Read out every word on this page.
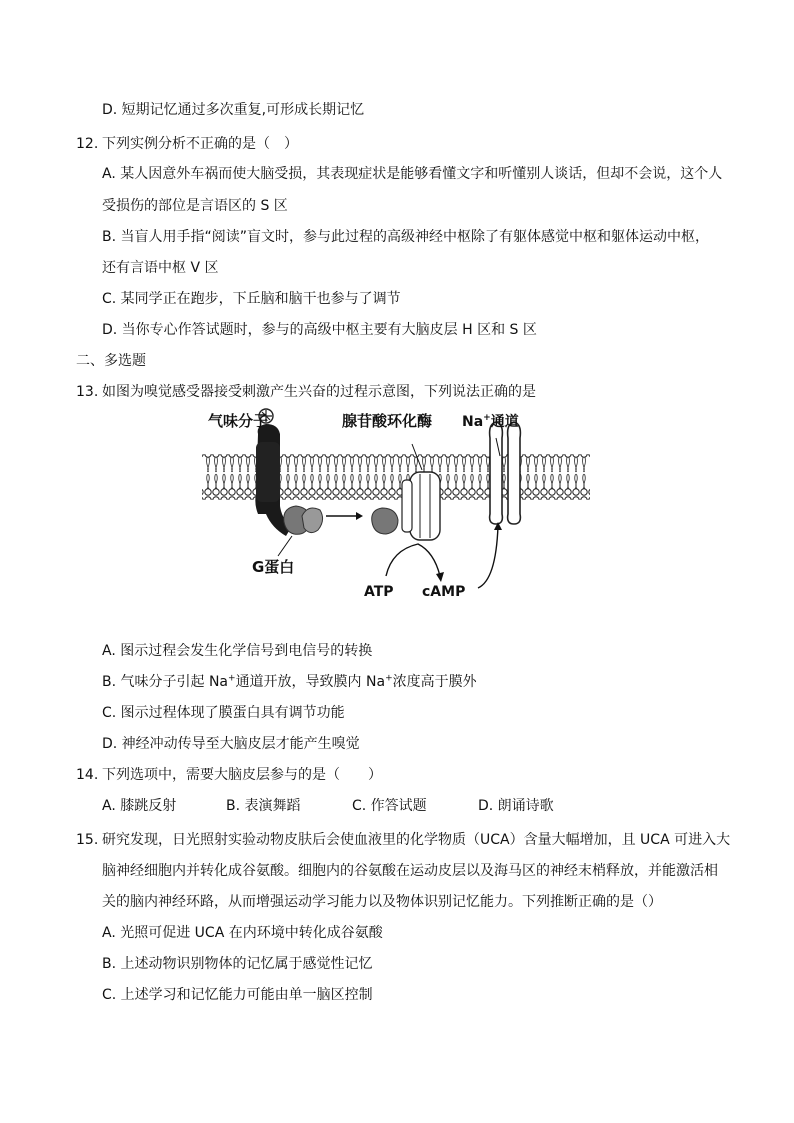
D. 短期记忆通过多次重复,可形成长期记忆
12. 下列实例分析不正确的是（　）
A. 某人因意外车祸而使大脑受损，其表现症状是能够看懂文字和听懂别人谈话，但却不会说，这个人
受损伤的部位是言语区的 S 区
B. 当盲人用手指“阅读”盲文时，参与此过程的高级神经中枢除了有躯体感觉中枢和躯体运动中枢，
还有言语中枢 V 区
C. 某同学正在跑步，下丘脑和脑干也参与了调节
D. 当你专心作答试题时，参与的高级中枢主要有大脑皮层 H 区和 S 区
二、多选题
13. 如图为嗅觉感受器接受刺激产生兴奋的过程示意图，下列说法正确的是
气味分子	腺苷酸环化酶 Na+通道
G蛋白
ATP cAMP
A. 图示过程会发生化学信号到电信号的转换
B. 气味分子引起 Na+通道开放，导致膜内 Na+浓度高于膜外
C. 图示过程体现了膜蛋白具有调节功能
D. 神经冲动传导至大脑皮层才能产生嗅觉
14. 下列选项中，需要大脑皮层参与的是（　　）
A. 膝跳反射	B. 表演舞蹈	C. 作答试题	D. 朗诵诗歌
15. 研究发现，日光照射实验动物皮肤后会使血液里的化学物质（UCA）含量大幅增加，且 UCA 可进入大
脑神经细胞内并转化成谷氨酸。细胞内的谷氨酸在运动皮层以及海马区的神经末梢释放，并能激活相
关的脑内神经环路，从而增强运动学习能力以及物体识别记忆能力。下列推断正确的是（）
A. 光照可促进 UCA 在内环境中转化成谷氨酸
B. 上述动物识别物体的记忆属于感觉性记忆
C. 上述学习和记忆能力可能由单一脑区控制
